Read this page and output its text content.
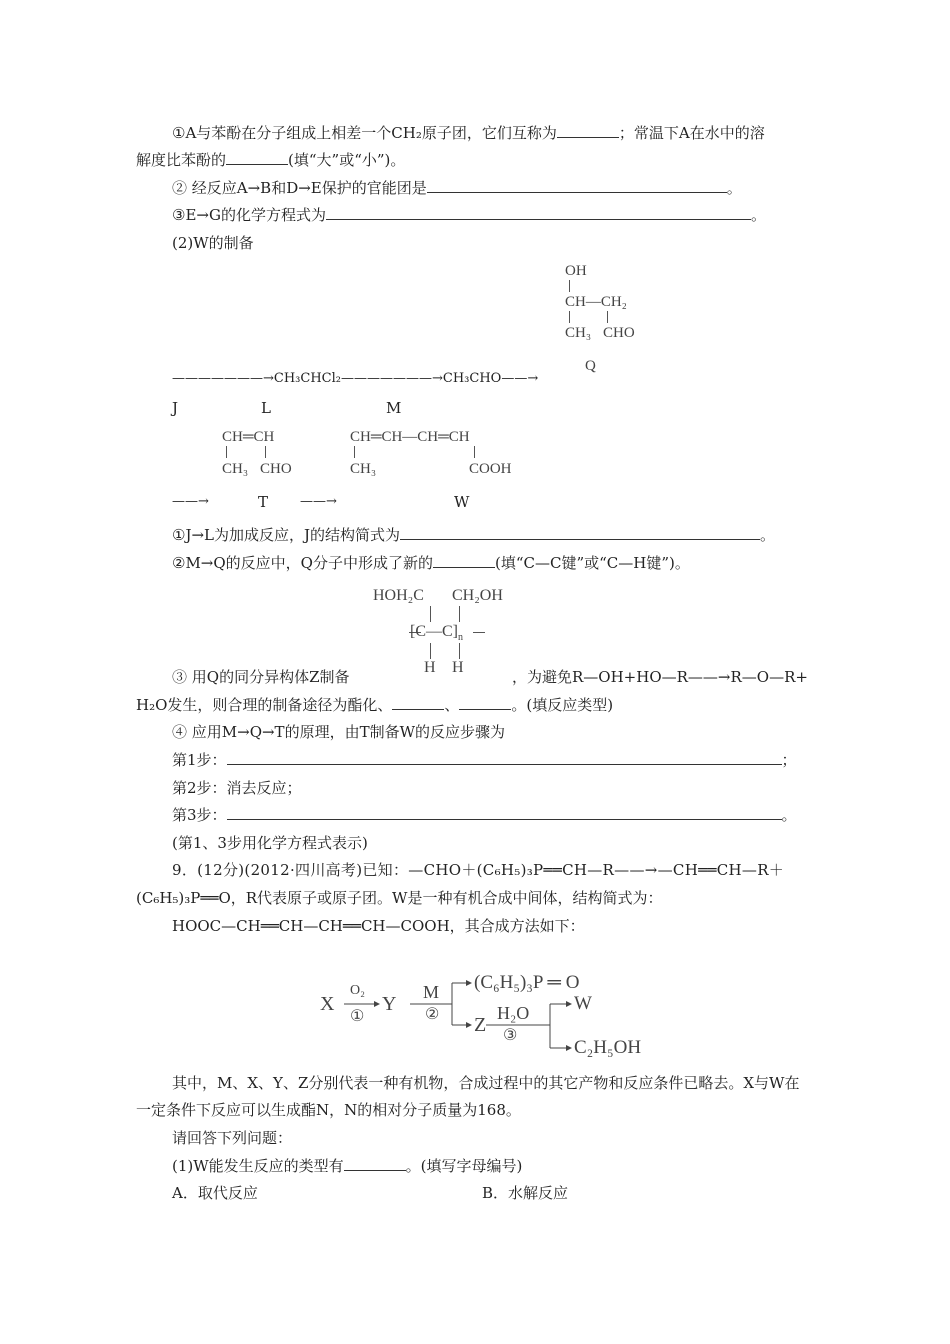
①A与苯酚在分子组成上相差一个CH₂原子团，它们互称为	；常温下A在水中的溶
解度比苯酚的	(填“大”或“小”)。
② 经反应A→B和D→E保护的官能团是	。
③E→G的化学方程式为	。
(2)W的制备
OH
CH—CH₂
CH₃ CHO
Q
———————→CH₃CHCl₂———————→CH₃CHO——→
J	L	M
CH═CH
CH₃ CHO
CH═CH—CH═CH
CH₃	COOH
——→	T ——→	W
①J→L为加成反应，J的结构简式为	。
②M→Q的反应中，Q分子中形成了新的	(填“C—C键”或“C—H键”)。
HOH₂C CH₂OH
$[C—C]_n$
H H
③ 用Q的同分异构体Z制备	，为避免R—OH+HO—R——→R—O—R+
H₂O发生，则合理的制备途径为酯化、	、	。(填反应类型)
④ 应用M→Q→T的原理，由T制备W的反应步骤为
第1步：	；
第2步：消去反应；
第3步：	。
(第1、3步用化学方程式表示)
9．(12分)(2012·四川高考)已知：—CHO＋(C₆H₅)₃P══CH—R——→—CH══CH—R＋
(C₆H₅)₃P══O，R代表原子或原子团。W是一种有机合成中间体，结构简式为：
HOOC—CH══CH—CH══CH—COOH，其合成方法如下：
X
O₂
①
Y
M
②
(C₆H₅)₃P ═ O
Z
H₂O
③
W
C₂H₅OH
其中，M、X、Y、Z分别代表一种有机物，合成过程中的其它产物和反应条件已略去。X与W在
一定条件下反应可以生成酯N，N的相对分子质量为168。
请回答下列问题：
(1)W能发生反应的类型有	。(填写字母编号)
A．取代反应	B．水解反应
